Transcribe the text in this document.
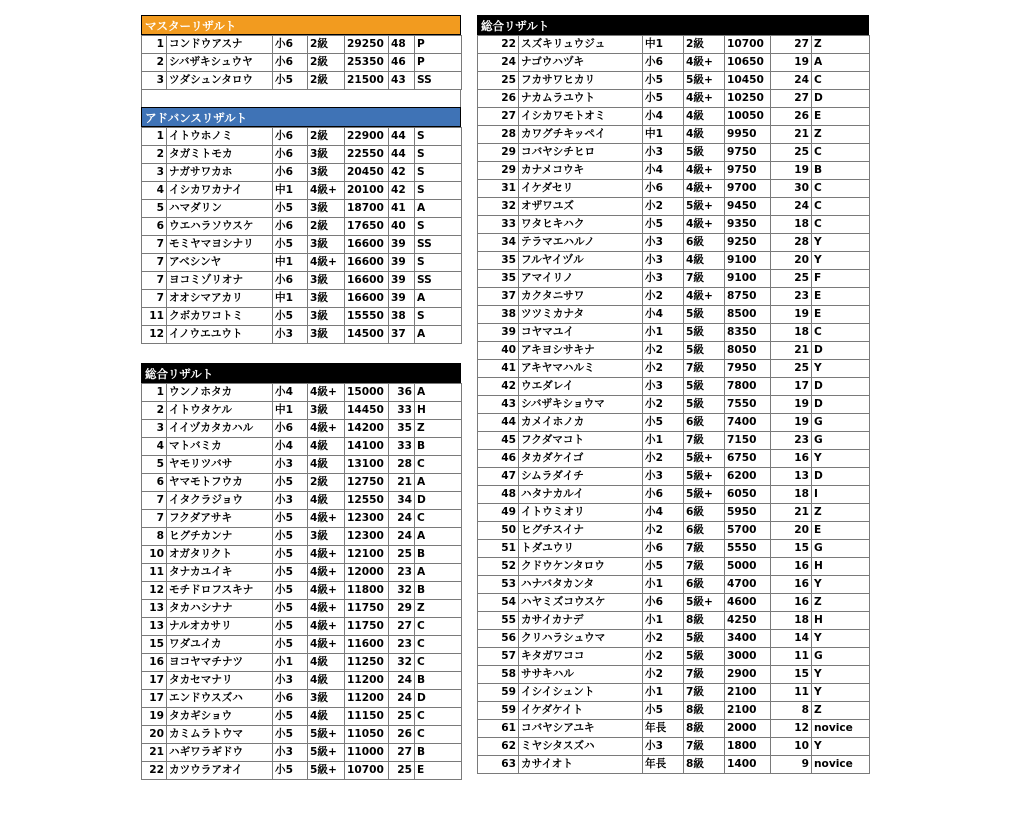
マスターリザルト
1	コンドウアスナ	小6	2級	29250	48	P
2	シバザキシュウヤ	小6	2級	25350	46	P
3	ツダシュンタロウ	小5	2級	21500	43	SS
アドバンスリザルト
1	イトウホノミ	小6	2級	22900	44	S
2	タガミトモカ	小6	3級	22550	44	S
3	ナガサワカホ	小6	3級	20450	42	S
4	イシカワカナイ	中1	4級+	20100	42	S
5	ハマダリン	小5	3級	18700	41	A
6	ウエハラソウスケ	小6	2級	17650	40	S
7	モミヤマヨシナリ	小5	3級	16600	39	SS
7	アベシンヤ	中1	4級+	16600	39	S
7	ヨコミゾリオナ	小6	3級	16600	39	SS
7	オオシマアカリ	中1	3級	16600	39	A
11	クボカワコトミ	小5	3級	15550	38	S
12	イノウエユウト	小3	3級	14500	37	A
総合リザルト
1	ウンノホタカ	小4	4級+	15000	36	A
2	イトウタケル	中1	3級	14450	33	H
3	イイヅカタカハル	小6	4級+	14200	35	Z
4	マトバミカ	小4	4級	14100	33	B
5	ヤモリツバサ	小3	4級	13100	28	C
6	ヤマモトフウカ	小5	2級	12750	21	A
7	イタクラジョウ	小3	4級	12550	34	D
7	フクダアサキ	小5	4級+	12300	24	C
8	ヒグチカンナ	小5	3級	12300	24	A
10	オガタリクト	小5	4級+	12100	25	B
11	タナカユイキ	小5	4級+	12000	23	A
12	モチドロフスキナ	小5	4級+	11800	32	B
13	タカハシナナ	小5	4級+	11750	29	Z
13	ナルオカサリ	小5	4級+	11750	27	C
15	ワダユイカ	小5	4級+	11600	23	C
16	ヨコヤマチナツ	小1	4級	11250	32	C
17	タカセマナリ	小3	4級	11200	24	B
17	エンドウスズハ	小6	3級	11200	24	D
19	タカギショウ	小5	4級	11150	25	C
20	カミムラトウマ	小5	5級+	11050	26	C
21	ハギワラギドウ	小3	5級+	11000	27	B
22	カツウラアオイ	小5	5級+	10700	25	E
総合リザルト
22	スズキリュウジュ	中1	2級	10700	27	Z
24	ナゴウハヅキ	小6	4級+	10650	19	A
25	フカサワヒカリ	小5	5級+	10450	24	C
26	ナカムラユウト	小5	4級+	10250	27	D
27	イシカワモトオミ	小4	4級	10050	26	E
28	カワグチキッペイ	中1	4級	9950	21	Z
29	コバヤシチヒロ	小3	5級	9750	25	C
29	カナメコウキ	小4	4級+	9750	19	B
31	イケダセリ	小6	4級+	9700	30	C
32	オザワユズ	小2	5級+	9450	24	C
33	ワタヒキハク	小5	4級+	9350	18	C
34	テラマエハルノ	小3	6級	9250	28	Y
35	フルヤイヅル	小3	4級	9100	20	Y
35	アマイリノ	小3	7級	9100	25	F
37	カクタニサワ	小2	4級+	8750	23	E
38	ツツミカナタ	小4	5級	8500	19	E
39	コヤマユイ	小1	5級	8350	18	C
40	アキヨシサキナ	小2	5級	8050	21	D
41	アキヤマハルミ	小2	7級	7950	25	Y
42	ウエダレイ	小3	5級	7800	17	D
43	シバザキショウマ	小2	5級	7550	19	D
44	カメイホノカ	小5	6級	7400	19	G
45	フクダマコト	小1	7級	7150	23	G
46	タカダケイゴ	小2	5級+	6750	16	Y
47	シムラダイチ	小3	5級+	6200	13	D
48	ハタナカルイ	小6	5級+	6050	18	I
49	イトウミオリ	小4	6級	5950	21	Z
50	ヒグチスイナ	小2	6級	5700	20	E
51	トダユウリ	小6	7級	5550	15	G
52	クドウケンタロウ	小5	7級	5000	16	H
53	ハナバタカンタ	小1	6級	4700	16	Y
54	ハヤミズコウスケ	小6	5級+	4600	16	Z
55	カサイカナデ	小1	8級	4250	18	H
56	クリハラシュウマ	小2	5級	3400	14	Y
57	キタガワココ	小2	5級	3000	11	G
58	ササキハル	小2	7級	2900	15	Y
59	イシイシュント	小1	7級	2100	11	Y
59	イケダケイト	小5	8級	2100	8	Z
61	コバヤシアユキ	年長	8級	2000	12	novice
62	ミヤシタスズハ	小3	7級	1800	10	Y
63	カサイオト	年長	8級	1400	9	novice
